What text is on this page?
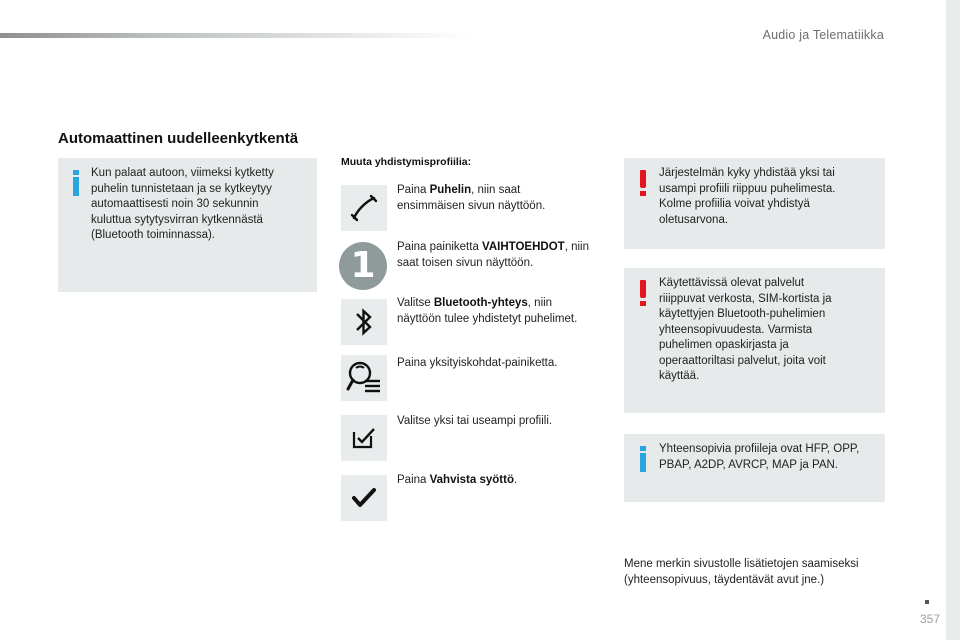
Audio ja Telematiikka
Automaattinen uudelleenkytkentä
Kun palaat autoon, viimeksi kytketty
puhelin tunnistetaan ja se kytkeytyy
automaattisesti noin 30 sekunnin
kuluttua sytytysvirran kytkennästä
(Bluetooth toiminnassa).
Muuta yhdistymisprofiilia:
Paina Puhelin, niin saat
ensimmäisen sivun näyttöön.
1 Paina painiketta VAIHTOEHDOT, niin
saat toisen sivun näyttöön.
Valitse Bluetooth-yhteys, niin
näyttöön tulee yhdistetyt puhelimet.
Paina yksityiskohdat-painiketta.
Valitse yksi tai useampi profiili.
Paina Vahvista syöttö.
Järjestelmän kyky yhdistää yksi tai
usampi profiili riippuu puhelimesta.
Kolme profiilia voivat yhdistyä
oletusarvona.
Käytettävissä olevat palvelut
riiippuvat verkosta, SIM-kortista ja
käytettyjen Bluetooth-puhelimien
yhteensopivuudesta. Varmista
puhelimen opaskirjasta ja
operaattoriltasi palvelut, joita voit
käyttää.
Yhteensopivia profiileja ovat HFP, OPP,
PBAP, A2DP, AVRCP, MAP ja PAN.
Mene merkin sivustolle lisätietojen saamiseksi
(yhteensopivuus, täydentävät avut jne.)
357
